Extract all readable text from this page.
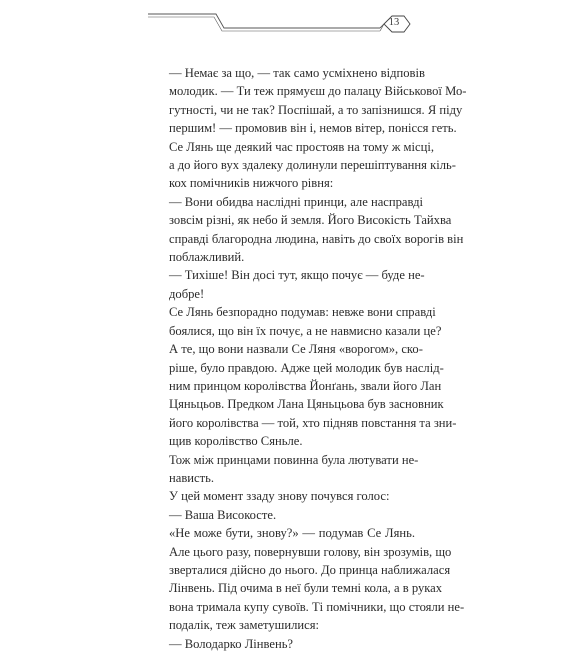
13
— Немає за що, — так само усміхнено відповів
молодик. — Ти теж прямуєш до палацу Військової Мо-
гутності, чи не так? Поспішай, а то запізнишся. Я піду
першим! — промовив він і, немов вітер, понісся геть.
Се Лянь ще деякий час простояв на тому ж місці,
а до його вух здалеку долинули перешіптування кіль-
кох помічників нижчого рівня:
— Вони обидва наслідні принци, але насправді
зовсім різні, як небо й земля. Його Високість Тайхва
справді благородна людина, навіть до своїх ворогів він
поблажливий.
— Тихіше! Він досі тут, якщо почує — буде не-
добре!
Се Лянь безпорадно подумав: невже вони справді
боялися, що він їх почує, а не навмисно казали це?
А те, що вони назвали Се Ляня «ворогом», ско-
ріше, було правдою. Адже цей молодик був наслід-
ним принцом королівства Йонґань, звали його Лан
Цяньцьов. Предком Лана Цяньцьова був засновник
його королівства — той, хто підняв повстання та зни-
щив королівство Сяньле.
Тож між принцами повинна була лютувати не-
нависть.
У цей момент ззаду знову почувся голос:
— Ваша Високосте.
«Не може бути, знову?» — подумав Се Лянь.
Але цього разу, повернувши голову, він зрозумів, що
зверталися дійсно до нього. До принца наближалася
Лінвень. Під очима в неї були темні кола, а в руках
вона тримала купу сувоїв. Ті помічники, що стояли не-
подалік, теж заметушилися:
— Володарко Лінвень?
